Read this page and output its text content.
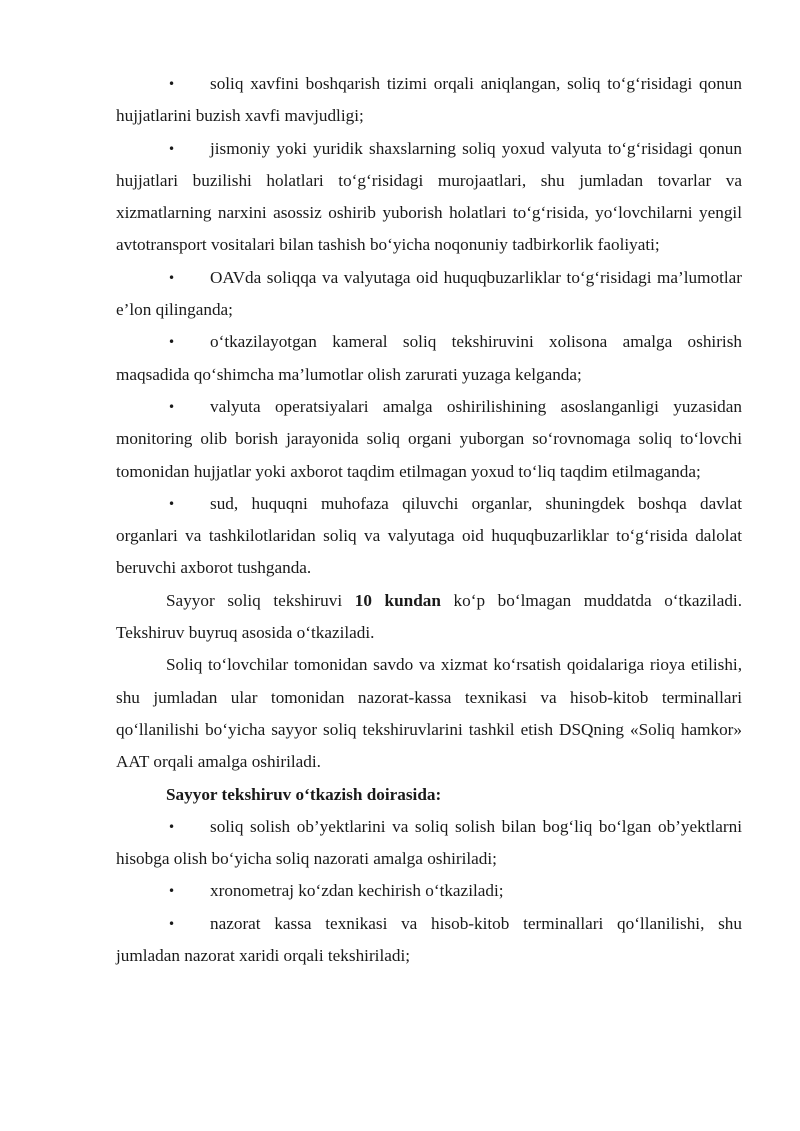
• soliq xavfini boshqarish tizimi orqali aniqlangan, soliq to‘g‘risidagi qonun hujjatlarini buzish xavfi mavjudligi;

• jismoniy yoki yuridik shaxslarning soliq yoxud valyuta to‘g‘risidagi qonun hujjatlari buzilishi holatlari to‘g‘risidagi murojaatlari, shu jumladan tovarlar va xizmatlarning narxini asossiz oshirib yuborish holatlari to‘g‘risida, yo‘lovchilarni yengil avtotransport vositalari bilan tashish bo‘yicha noqonuniy tadbirkorlik faoliyati;

• OAVda soliqqa va valyutaga oid huquqbuzarliklar to‘g‘risidagi ma’lumotlar e’lon qilinganda;

• o‘tkazilayotgan kameral soliq tekshiruvini xolisona amalga oshirish maqsadida qo‘shimcha ma’lumotlar olish zarurati yuzaga kelganda;

• valyuta operatsiyalari amalga oshirilishining asoslanganligi yuzasidan monitoring olib borish jarayonida soliq organi yuborgan so‘rovnomaga soliq to‘lovchi tomonidan hujjatlar yoki axborot taqdim etilmagan yoxud to‘liq taqdim etilmaganda;

• sud, huquqni muhofaza qiluvchi organlar, shuningdek boshqa davlat organlari va tashkilotlaridan soliq va valyutaga oid huquqbuzarliklar to‘g‘risida dalolat beruvchi axborot tushganda.

Sayyor soliq tekshiruvi 10 kundan ko‘p bo‘lmagan muddatda o‘tkaziladi. Tekshiruv buyruq asosida o‘tkaziladi.

Soliq to‘lovchilar tomonidan savdo va xizmat ko‘rsatish qoidalariga rioya etilishi, shu jumladan ular tomonidan nazorat-kassa texnikasi va hisob-kitob terminallari qo‘llanilishi bo‘yicha sayyor soliq tekshiruvlarini tashkil etish DSQning «Soliq hamkor» AAT orqali amalga oshiriladi.

Sayyor tekshiruv o‘tkazish doirasida:

• soliq solish ob’yektlarini va soliq solish bilan bog‘liq bo‘lgan ob’yektlarni hisobga olish bo‘yicha soliq nazorati amalga oshiriladi;

• xronometraj ko‘zdan kechirish o‘tkaziladi;

• nazorat kassa texnikasi va hisob-kitob terminallari qo‘llanilishi, shu jumladan nazorat xaridi orqali tekshiriladi;
